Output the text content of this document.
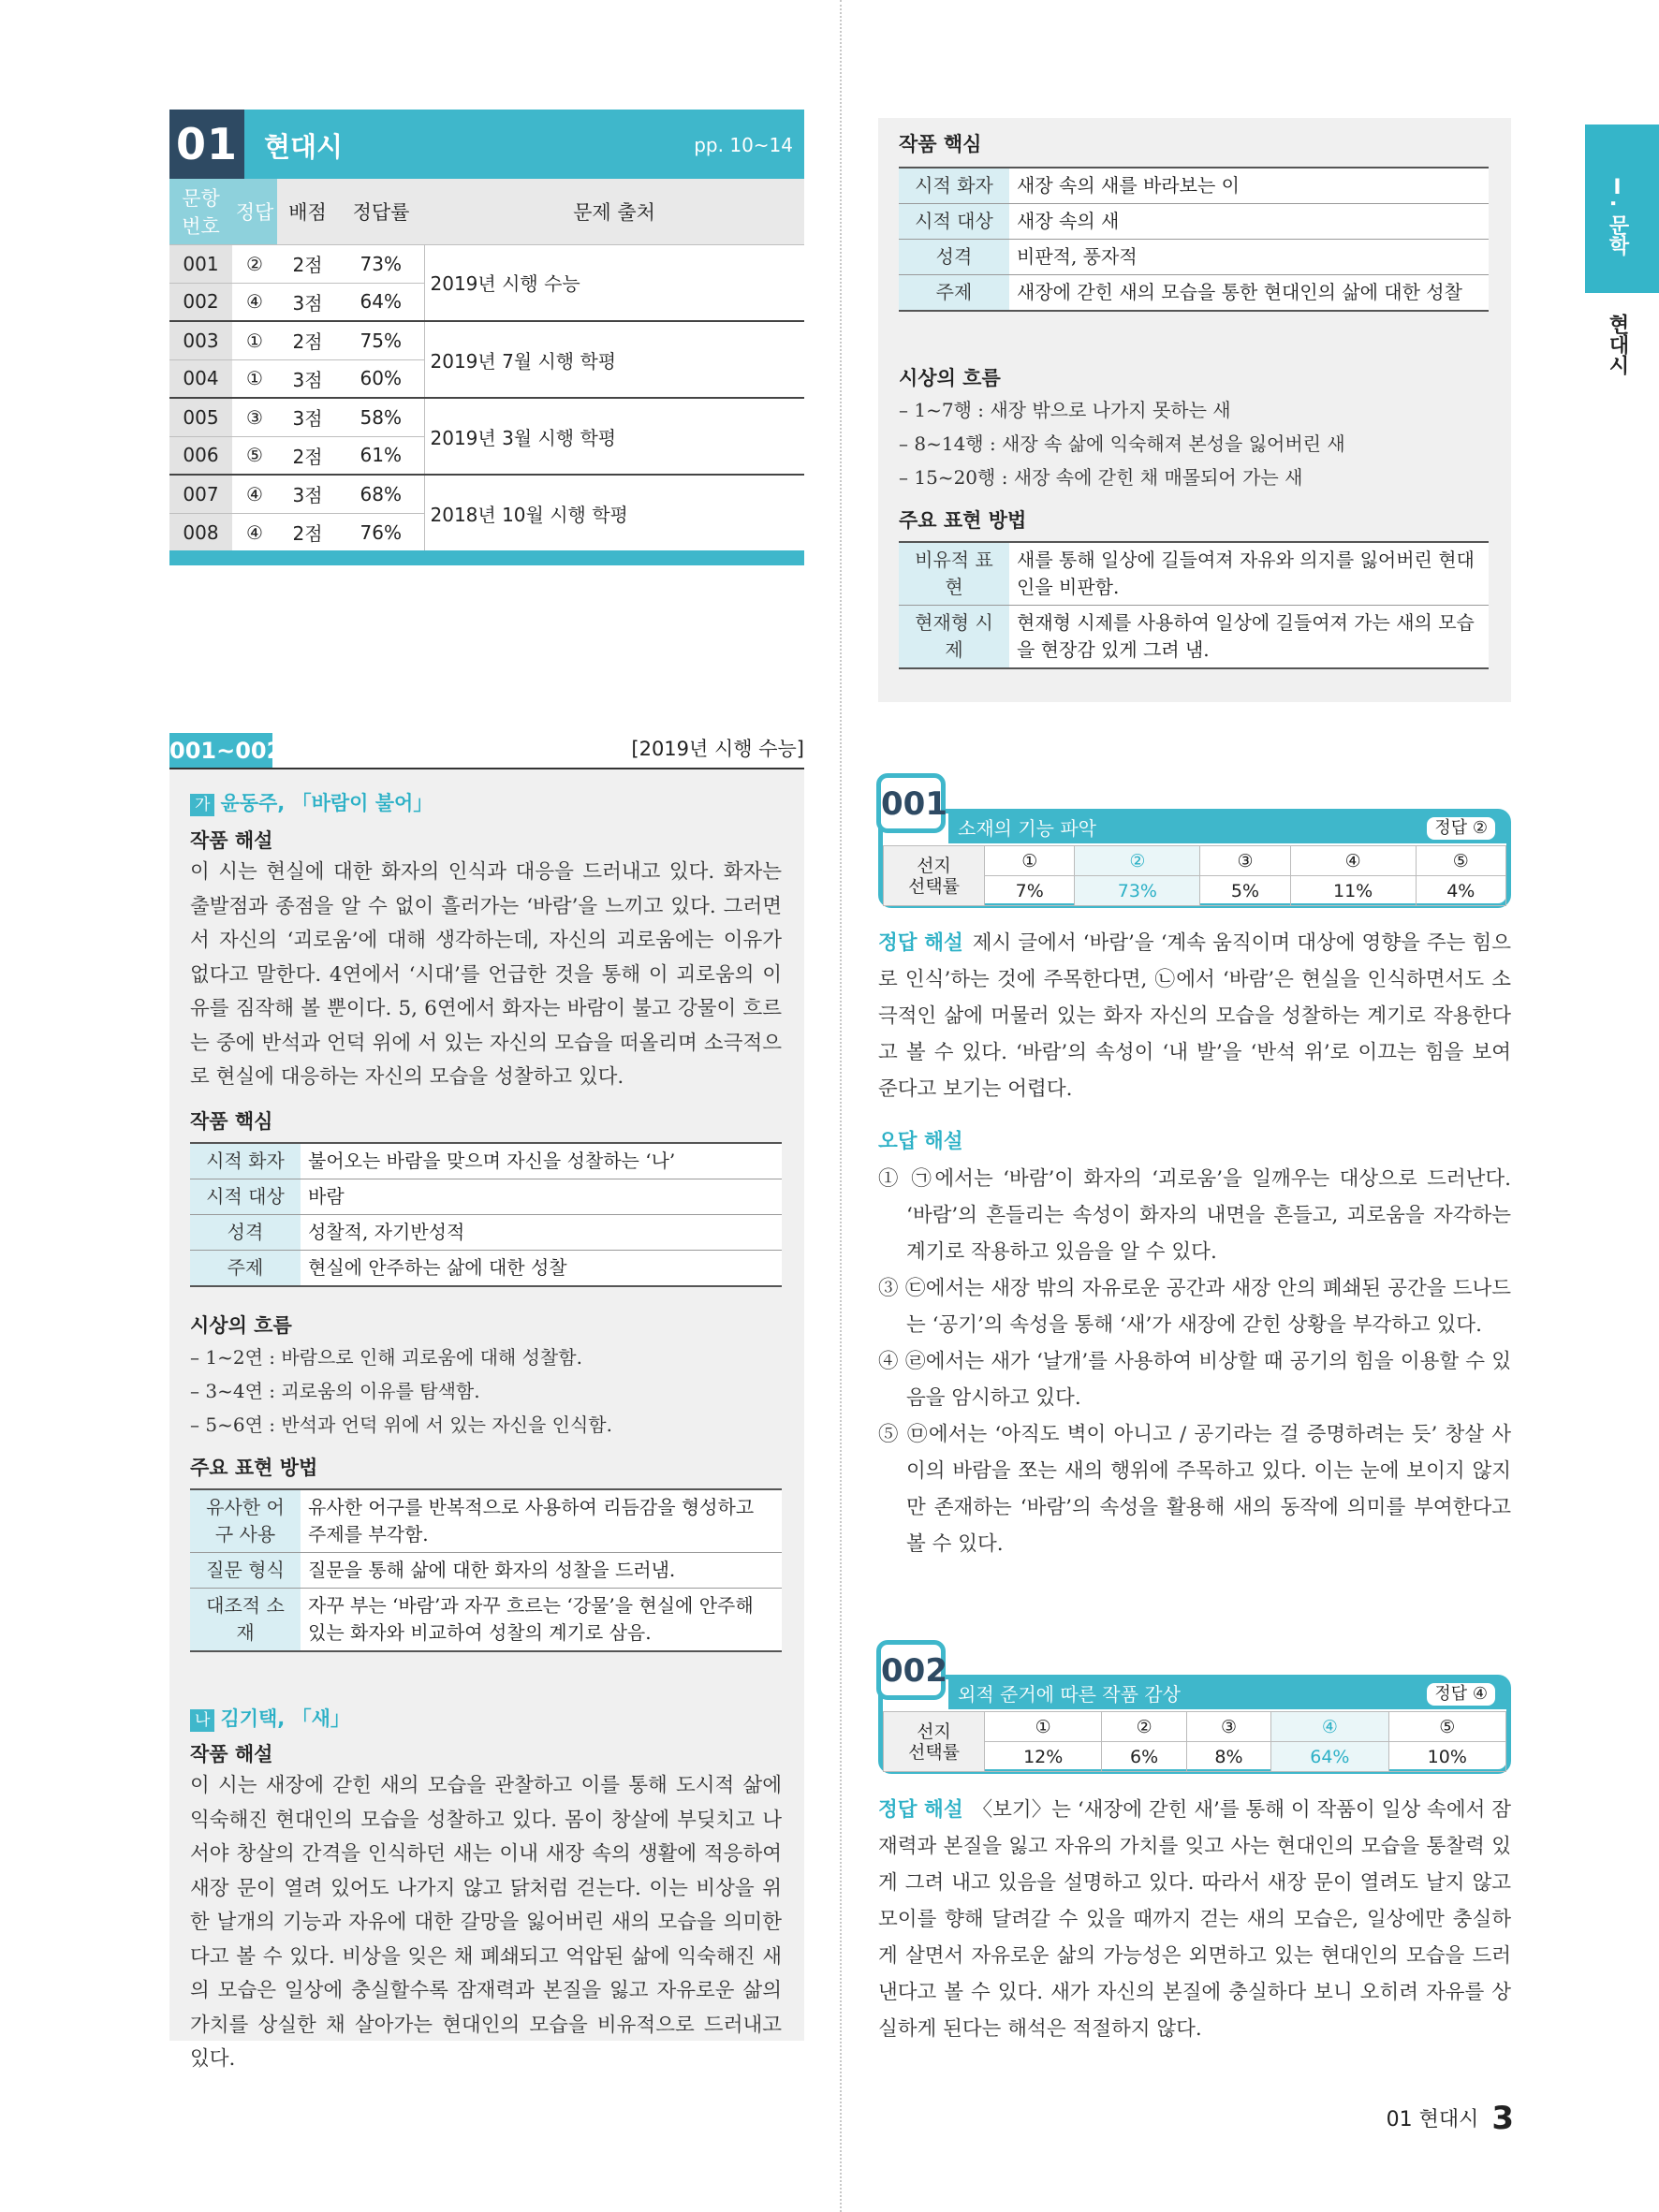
Ⅰ. 문학
현대시
01 현대시	pp. 10~14
문항
번호	정답	배점	정답률	문제 출처
001	②	2점	73%	2019년 시행 수능
002	④	3점	64%	
003	①	2점	75%	2019년 7월 시행 학평
004	①	3점	60%	
005	③	3점	58%	2019년 3월 시행 학평
006	⑤	2점	61%	
007	④	3점	68%	2018년 10월 시행 학평
008	④	2점	76%	
작품 핵심
시적 화자	새장 속의 새를 바라보는 이
시적 대상	새장 속의 새
성격	비판적, 풍자적
주제	새장에 갇힌 새의 모습을 통한 현대인의 삶에 대한 성찰
시상의 흐름
– 1~7행 : 새장 밖으로 나가지 못하는 새
– 8~14행 : 새장 속 삶에 익숙해져 본성을 잃어버린 새
– 15~20행 : 새장 속에 갇힌 채 매몰되어 가는 새
주요 표현 방법
비유적 표현	새를 통해 일상에 길들여져 자유와 의지를 잃어버린 현대인을 비판함.
현재형 시제	현재형 시제를 사용하여 일상에 길들여져 가는 새의 모습을 현장감 있게 그려 냄.
001~002	[2019년 시행 수능]
가 윤동주, 「바람이 불어」
작품 해설
이 시는 현실에 대한 화자의 인식과 대응을 드러내고 있다. 화자는 출발점과 종점을 알 수 없이 흘러가는 ‘바람’을 느끼고 있다. 그러면서 자신의 ‘괴로움’에 대해 생각하는데, 자신의 괴로움에는 이유가 없다고 말한다. 4연에서 ‘시대’를 언급한 것을 통해 이 괴로움의 이유를 짐작해 볼 뿐이다. 5, 6연에서 화자는 바람이 불고 강물이 흐르는 중에 반석과 언덕 위에 서 있는 자신의 모습을 떠올리며 소극적으로 현실에 대응하는 자신의 모습을 성찰하고 있다.
작품 핵심
시적 화자	불어오는 바람을 맞으며 자신을 성찰하는 ‘나’
시적 대상	바람
성격	성찰적, 자기반성적
주제	현실에 안주하는 삶에 대한 성찰
시상의 흐름
– 1~2연 : 바람으로 인해 괴로움에 대해 성찰함.
– 3~4연 : 괴로움의 이유를 탐색함.
– 5~6연 : 반석과 언덕 위에 서 있는 자신을 인식함.
주요 표현 방법
유사한 어구 사용	유사한 어구를 반복적으로 사용하여 리듬감을 형성하고 주제를 부각함.
질문 형식	질문을 통해 삶에 대한 화자의 성찰을 드러냄.
대조적 소재	자꾸 부는 ‘바람’과 자꾸 흐르는 ‘강물’을 현실에 안주해 있는 화자와 비교하여 성찰의 계기로 삼음.
나 김기택, 「새」
작품 해설
이 시는 새장에 갇힌 새의 모습을 관찰하고 이를 통해 도시적 삶에 익숙해진 현대인의 모습을 성찰하고 있다. 몸이 창살에 부딪치고 나서야 창살의 간격을 인식하던 새는 이내 새장 속의 생활에 적응하여 새장 문이 열려 있어도 나가지 않고 닭처럼 걷는다. 이는 비상을 위한 날개의 기능과 자유에 대한 갈망을 잃어버린 새의 모습을 의미한다고 볼 수 있다. 비상을 잊은 채 폐쇄되고 억압된 삶에 익숙해진 새의 모습은 일상에 충실할수록 잠재력과 본질을 잃고 자유로운 삶의 가치를 상실한 채 살아가는 현대인의 모습을 비유적으로 드러내고 있다.
소재의 기능 파악	정답 ②
선지
선택률	①	②	③	④	⑤
	7%	73%	5%	11%	4%
001
정답 해설 제시 글에서 ‘바람’을 ‘계속 움직이며 대상에 영향을 주는 힘으로 인식’하는 것에 주목한다면, ㉡에서 ‘바람’은 현실을 인식하면서도 소극적인 삶에 머물러 있는 화자 자신의 모습을 성찰하는 계기로 작용한다고 볼 수 있다. ‘바람’의 속성이 ‘내 발’을 ‘반석 위’로 이끄는 힘을 보여 준다고 보기는 어렵다.
오답 해설
① ㉠에서는 ‘바람’이 화자의 ‘괴로움’을 일깨우는 대상으로 드러난다. ‘바람’의 흔들리는 속성이 화자의 내면을 흔들고, 괴로움을 자각하는 계기로 작용하고 있음을 알 수 있다.
③ ㉢에서는 새장 밖의 자유로운 공간과 새장 안의 폐쇄된 공간을 드나드는 ‘공기’의 속성을 통해 ‘새’가 새장에 갇힌 상황을 부각하고 있다.
④ ㉣에서는 새가 ‘날개’를 사용하여 비상할 때 공기의 힘을 이용할 수 있음을 암시하고 있다.
⑤ ㉤에서는 ‘아직도 벽이 아니고 / 공기라는 걸 증명하려는 듯’ 창살 사이의 바람을 쪼는 새의 행위에 주목하고 있다. 이는 눈에 보이지 않지만 존재하는 ‘바람’의 속성을 활용해 새의 동작에 의미를 부여한다고 볼 수 있다.
외적 준거에 따른 작품 감상	정답 ④
선지
선택률	①	②	③	④	⑤
	12%	6%	8%	64%	10%
002
정답 해설 〈보기〉는 ‘새장에 갇힌 새’를 통해 이 작품이 일상 속에서 잠재력과 본질을 잃고 자유의 가치를 잊고 사는 현대인의 모습을 통찰력 있게 그려 내고 있음을 설명하고 있다. 따라서 새장 문이 열려도 날지 않고 모이를 향해 달려갈 수 있을 때까지 걷는 새의 모습은, 일상에만 충실하게 살면서 자유로운 삶의 가능성은 외면하고 있는 현대인의 모습을 드러낸다고 볼 수 있다. 새가 자신의 본질에 충실하다 보니 오히려 자유를 상실하게 된다는 해석은 적절하지 않다.
01 현대시 3
